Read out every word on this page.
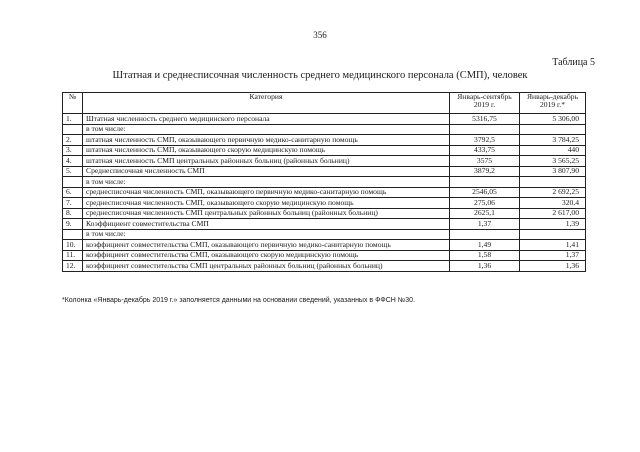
356
Таблица 5
Штатная и среднесписочная численность среднего медицинского персонала (СМП), человек
№	Категория	Январь-сентябрь 2019 г.	Январь-декабрь 2019 г.*
1.	Штатная численность среднего медицинского персонала	5316,75	5 306,00
	в том числе:		
2.	штатная численность СМП, оказывающего первичную медико-санитарную помощь	3792,5	3 784,25
3.	штатная численность СМП, оказывающего скорую медицинскую помощь	433,75	440
4.	штатная численность СМП центральных районных больниц (районных больниц)	3575	3 565,25
5.	Среднесписочная численность СМП	3879,2	3 807,90
	в том числе:		
6.	среднесписочная численность СМП, оказывающего первичную медико-санитарную помощь	2546,05	2 692,25
7.	среднесписочная численность СМП, оказывающего скорую медицинскую помощь	275,06	320,4
8.	среднесписочная численность СМП центральных районных больниц (районных больниц)	2625,1	2 617,00
9.	Коэффициент совместительства СМП	1,37	1,39
	в том числе:		
10.	коэффициент совместительства СМП, оказывающего первичную медико-санитарную помощь	1,49	1,41
11.	коэффициент совместительства СМП, оказывающего скорую медицинскую помощь	1,58	1,37
12.	коэффициент совместительства СМП центральных районных больниц (районных больниц)	1,36	1,36
*Колонка «Январь-декабрь 2019 г.» заполняется данными на основании сведений, указанных в ФФСН №30.
